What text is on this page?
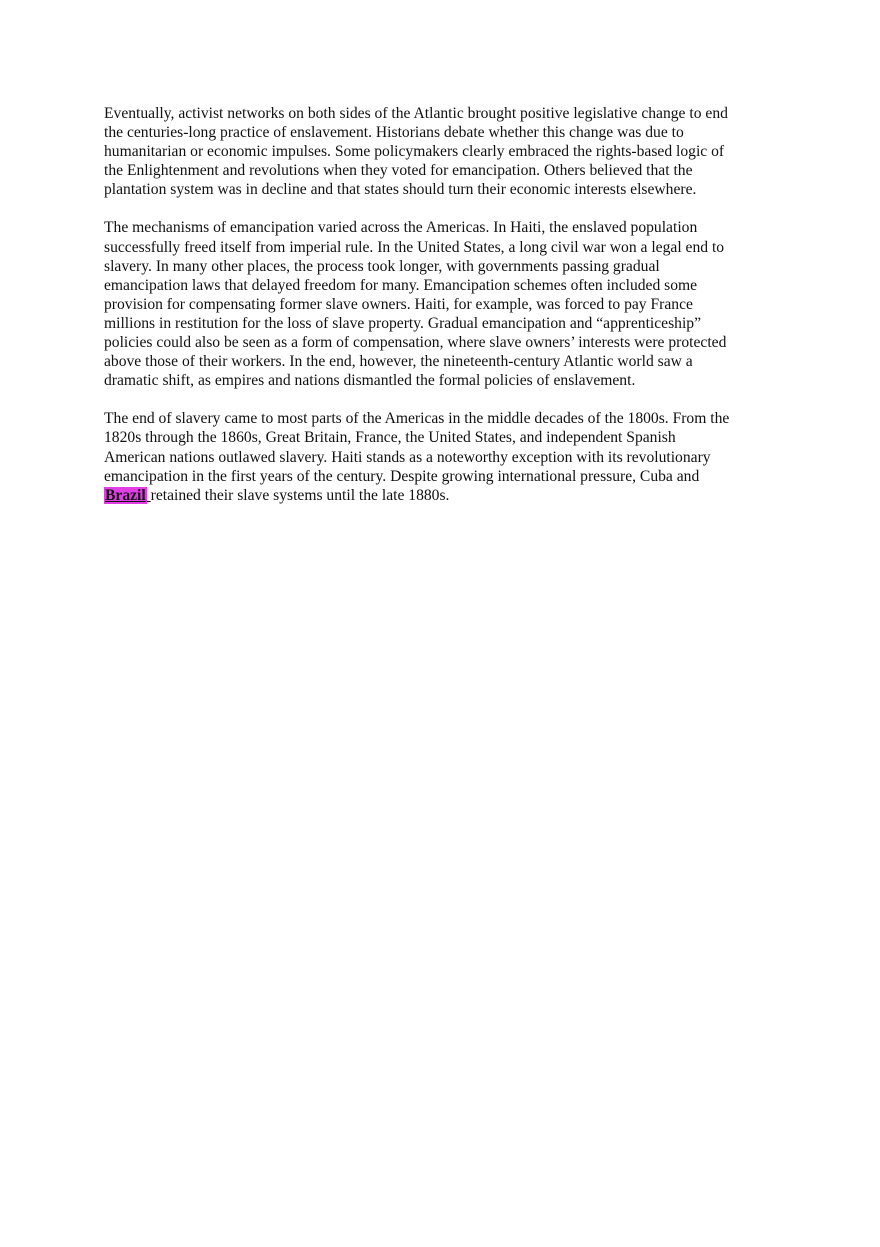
Eventually, activist networks on both sides of the Atlantic brought positive legislative change to end
the centuries-long practice of enslavement. Historians debate whether this change was due to
humanitarian or economic impulses. Some policymakers clearly embraced the rights-based logic of
the Enlightenment and revolutions when they voted for emancipation. Others believed that the
plantation system was in decline and that states should turn their economic interests elsewhere.

The mechanisms of emancipation varied across the Americas. In Haiti, the enslaved population
successfully freed itself from imperial rule. In the United States, a long civil war won a legal end to
slavery. In many other places, the process took longer, with governments passing gradual
emancipation laws that delayed freedom for many. Emancipation schemes often included some
provision for compensating former slave owners. Haiti, for example, was forced to pay France
millions in restitution for the loss of slave property. Gradual emancipation and “apprenticeship”
policies could also be seen as a form of compensation, where slave owners’ interests were protected
above those of their workers. In the end, however, the nineteenth-century Atlantic world saw a
dramatic shift, as empires and nations dismantled the formal policies of enslavement.

The end of slavery came to most parts of the Americas in the middle decades of the 1800s. From the
1820s through the 1860s, Great Britain, France, the United States, and independent Spanish
American nations outlawed slavery. Haiti stands as a noteworthy exception with its revolutionary
emancipation in the first years of the century. Despite growing international pressure, Cuba and
Brazil retained their slave systems until the late 1880s.
